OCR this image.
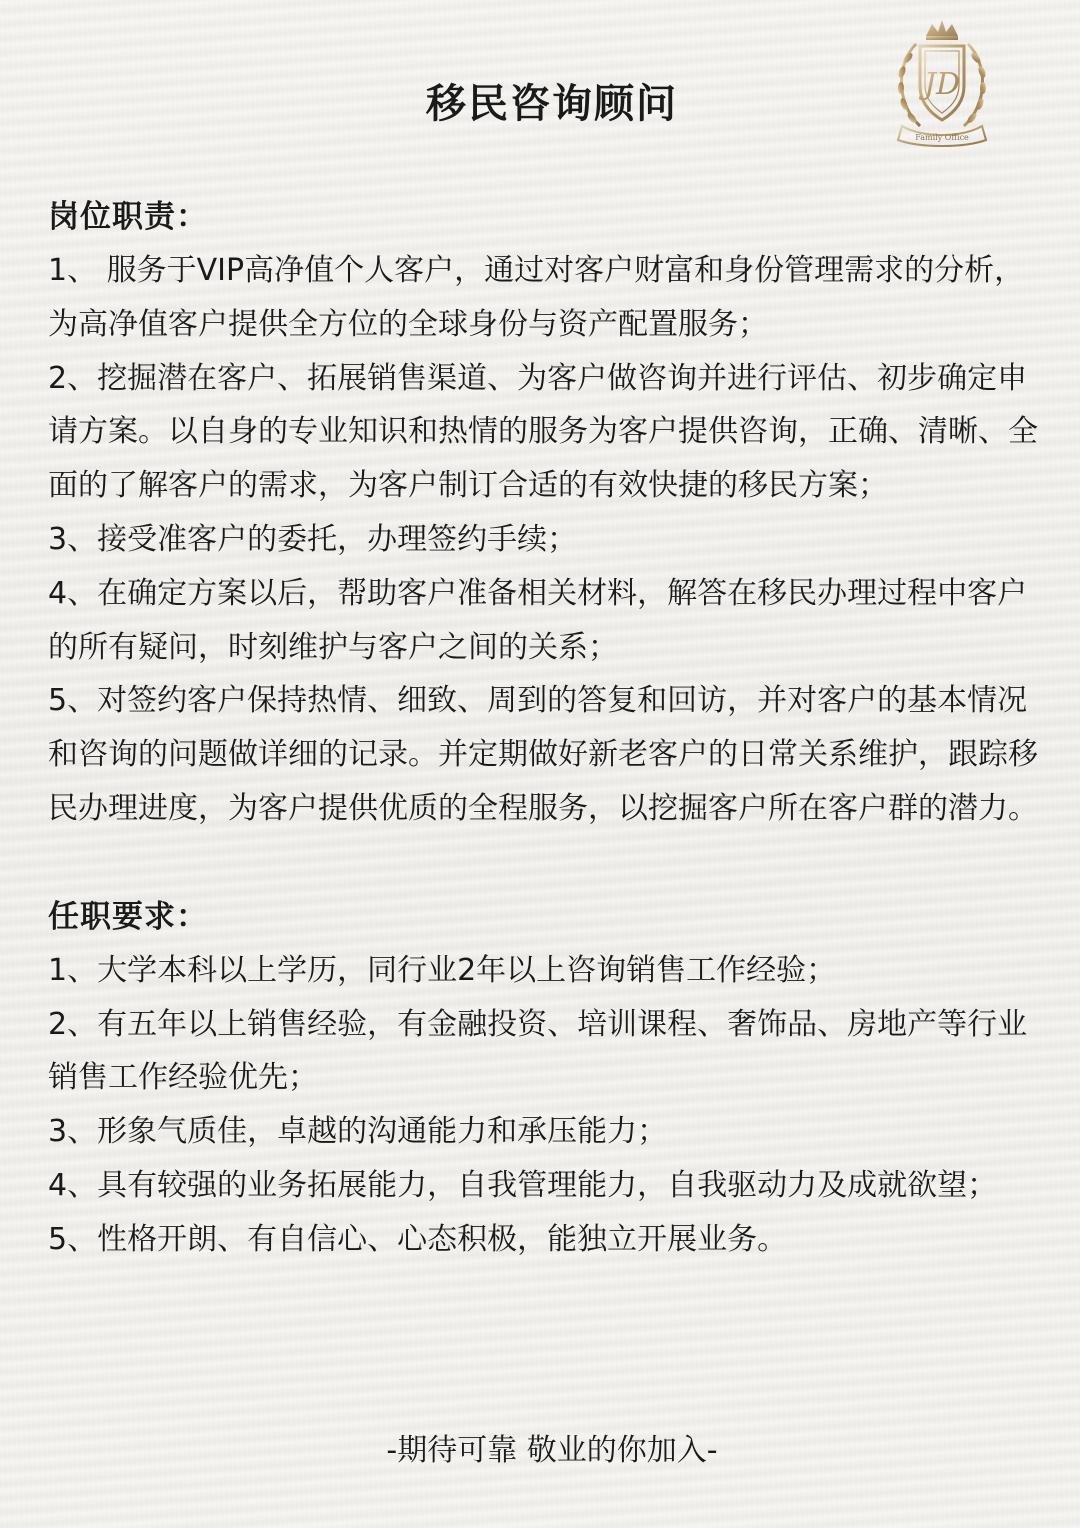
JD
Family Office
移民咨询顾问
岗位职责：

1、 服务于VIP高净值个人客户，通过对客户财富和身份管理需求的分析，为高净值客户提供全方位的全球身份与资产配置服务；

2、挖掘潜在客户、拓展销售渠道、为客户做咨询并进行评估、初步确定申请方案。以自身的专业知识和热情的服务为客户提供咨询，正确、清晰、全面的了解客户的需求，为客户制订合适的有效快捷的移民方案；

3、接受准客户的委托，办理签约手续；

4、在确定方案以后，帮助客户准备相关材料，解答在移民办理过程中客户的所有疑问，时刻维护与客户之间的关系；

5、对签约客户保持热情、细致、周到的答复和回访，并对客户的基本情况和咨询的问题做详细的记录。并定期做好新老客户的日常关系维护，跟踪移民办理进度，为客户提供优质的全程服务，以挖掘客户所在客户群的潜力。

任职要求：

1、大学本科以上学历，同行业2年以上咨询销售工作经验；

2、有五年以上销售经验，有金融投资、培训课程、奢饰品、房地产等行业销售工作经验优先；

3、形象气质佳，卓越的沟通能力和承压能力；

4、具有较强的业务拓展能力，自我管理能力，自我驱动力及成就欲望；

5、性格开朗、有自信心、心态积极，能独立开展业务。

-期待可靠 敬业的你加入-
